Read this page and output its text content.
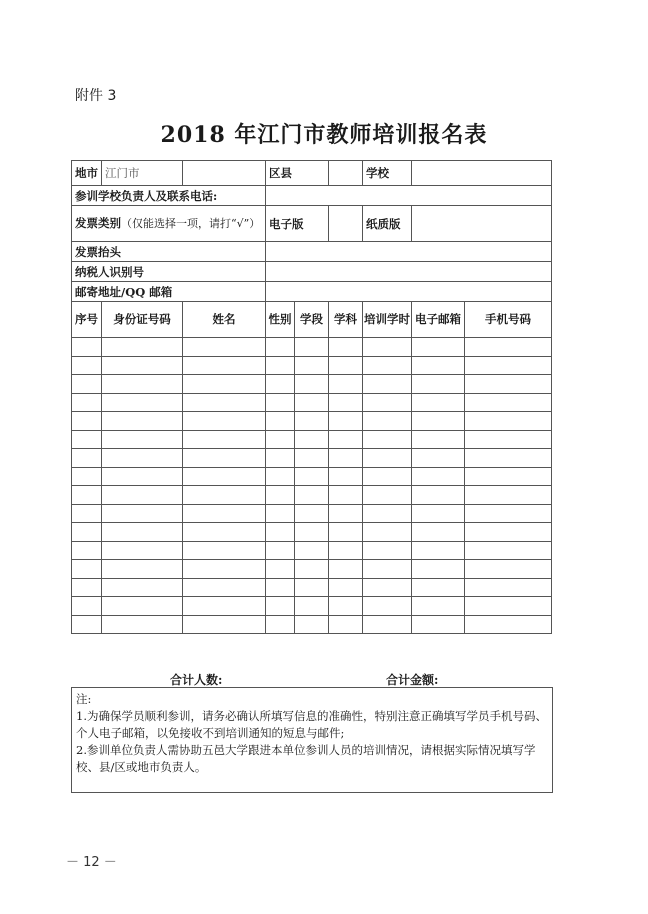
附件 3
2018 年江门市教师培训报名表
地市 江门市			区县			学校		
参训学校负责人及联系电话:								
发票类别（仅能选择一项，请打“√”）			电子版			纸质版		
发票抬头								
纳税人识别号								
邮寄地址/QQ 邮箱								
序号	身份证号码	姓名	性别	学段	学科	培训学时	电子邮箱	手机号码

合计人数:	合计金额:
注:
1.为确保学员顺利参训，请务必确认所填写信息的准确性，特别注意正确填写学员手机号码、个人电子邮箱，以免接收不到培训通知的短息与邮件;
2.参训单位负责人需协助五邑大学跟进本单位参训人员的培训情况，请根据实际情况填写学校、县/区或地市负责人。
－ 12 －
